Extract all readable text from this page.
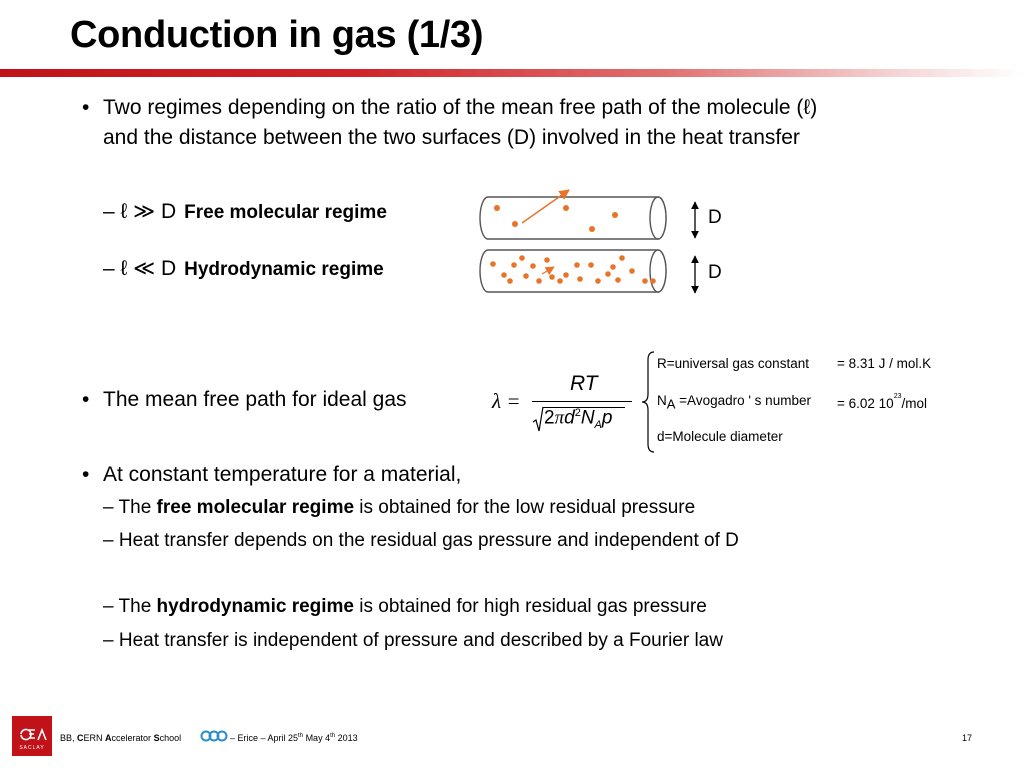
Conduction in gas (1/3)
• Two regimes depending on the ratio of the mean free path of the molecule (ℓ)
and the distance between the two surfaces (D) involved in the heat transfer
– ℓ ≫ D Free molecular regime
– ℓ ≪ D Hydrodynamic regime
D
D
• The mean free path for ideal gas	λ =
RT
$2\pi d^2N_Ap$
R=universal gas constant = 8.31 J / mol.K
$N_A$ =Avogadro ' s number = 6.02 $10^{23}$/mol
d=Molecule diameter
• At constant temperature for a material,
– The free molecular regime is obtained for the low residual pressure
– Heat transfer depends on the residual gas pressure and independent of D
– The hydrodynamic regime is obtained for high residual gas pressure
– Heat transfer is independent of pressure and described by a Fourier law
SACLAY
BB, CERN Accelerator School	– Erice – April 25th May 4th 2013	17
